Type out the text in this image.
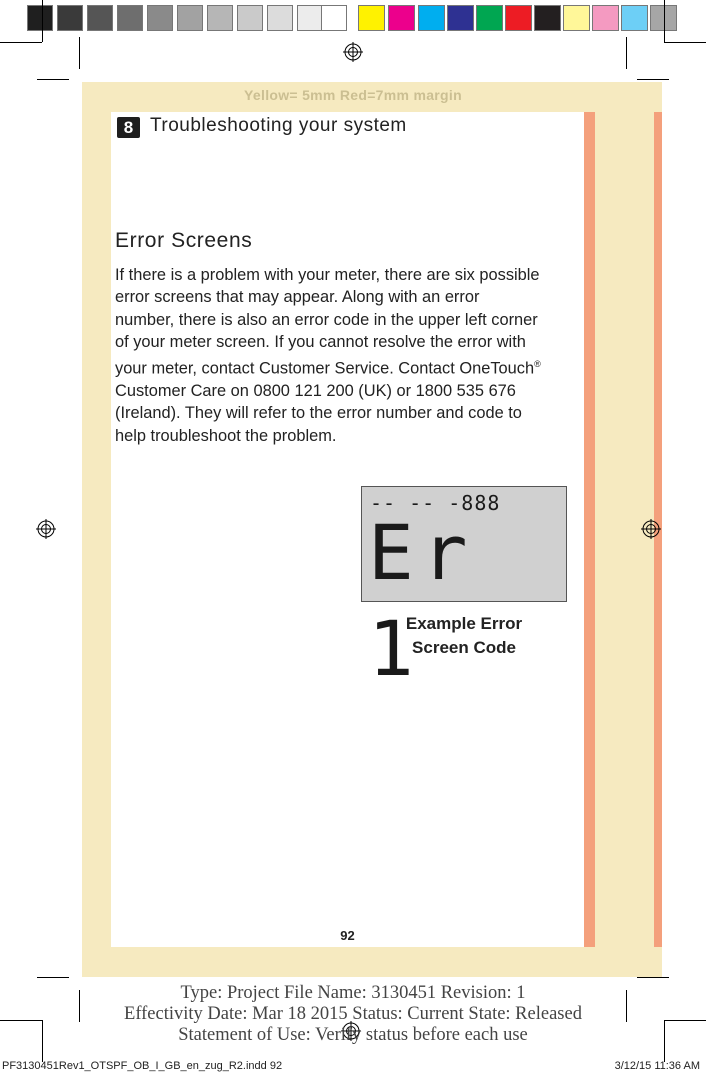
Yellow= 5mm Red=7mm margin
8 Troubleshooting your system
Error Screens
If there is a problem with your meter, there are six possible
error screens that may appear. Along with an error
number, there is also an error code in the upper left corner
of your meter screen. If you cannot resolve the error with
your meter, contact Customer Service. Contact OneTouch®
Customer Care on 0800 121 200 (UK) or 1800 535 676
(Ireland). They will refer to the error number and code to
help troubleshoot the problem.
-- -- -888
Er 1
Example Error
Screen Code
92
Type: Project File Name: 3130451 Revision: 1
Effectivity Date: Mar 18 2015 Status: Current State: Released
Statement of Use: Verify status before each use
PF3130451Rev1_OTSPF_OB_I_GB_en_zug_R2.indd 92	3/12/15 11:36 AM
